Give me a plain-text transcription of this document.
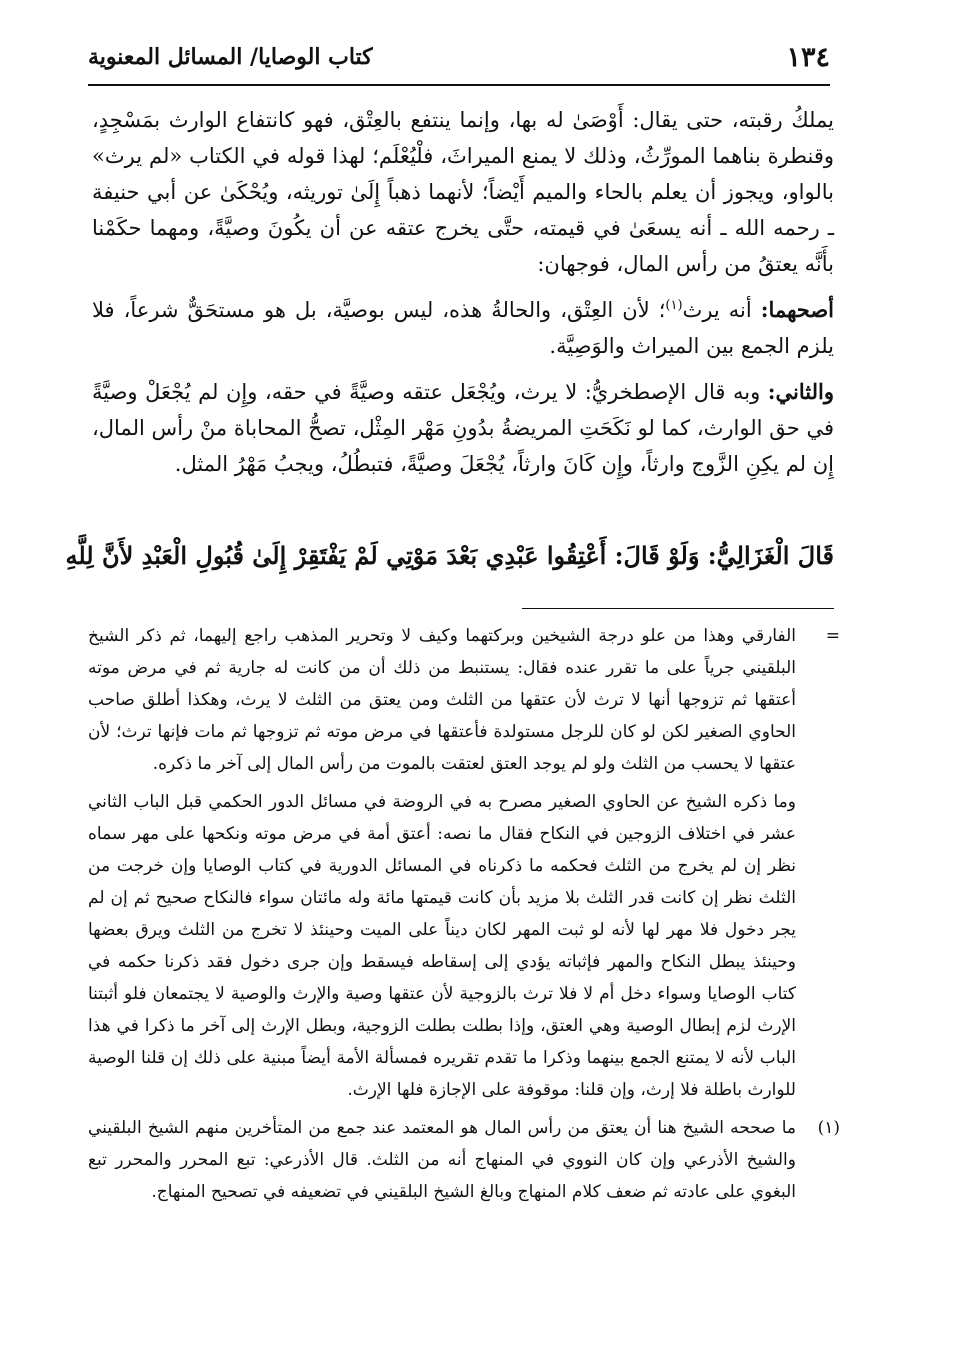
١٣٤
كتاب الوصايا/ المسائل المعنوية

يملكُ رقبته، حتى يقال: أَوْصَىٰ له بها، وإنما ينتفع بالعِتْق، فهو كانتفاع الوارث بمَسْجِدٍ، وقنطرة بناهما المورِّثُ، وذلك لا يمنع الميراثَ، فلْيُعْلَم؛ لهذا قوله في الكتاب «لم يرث» بالواو، ويجوز أن يعلم بالحاء والميم أَيْضاً؛ لأنهما ذهباً إِلَىٰ توريثه، ويُحْكَىٰ عن أبي حنيفة ـ رحمه الله ـ أنه يسعَىٰ في قيمته، حتَّى يخرج عتقه عن أن يكُونَ وصيَّةً، ومهما حكَمْنا بأَنَّه يعتقُ من رأس المال، فوجهان:

أصحهما: أنه يرث$^{(١)}$؛ لأن العِتْق، والحالةُ هذه، ليس بوصيَّة، بل هو مستحَقٌّ شرعاً، فلا يلزم الجمع بين الميراث والوَصِيَّة.

والثاني: وبه قال الإصطخريُّ: لا يرث، ويُجْعَل عتقه وصيَّةً في حقه، وإِن لم يُجْعَلْ وصيَّةً في حق الوارث، كما لو نَكَحَتِ المريضةُ بدُونِ مَهْر المِثْل، تصحُّ المحاباة منْ رأس المال، إِن لم يكِنِ الزَّوج وارثاً، وإِن كَانَ وارثاً، يُجْعَلَ وصيَّةً، فتبطُلُ، ويجبُ مَهْرُ المثل.

قَالَ الْغَزَالِيُّ: وَلَوْ قَالَ: أَعْتِقُوا عَبْدِي بَعْدَ مَوْتِي لَمْ يَفْتَقِرْ إِلَىٰ قُبُولِ الْعَبْدِ لأَنَّ لِلَّهِ
=

الفارقي وهذا من علو درجة الشيخين وبركتهما وكيف لا وتحرير المذهب راجع إليهما، ثم ذكر الشيخ البلقيني جرياً على ما تقرر عنده فقال: يستنبط من ذلك أن من كانت له جارية ثم في مرض موته أعتقها ثم تزوجها أنها لا ترث لأن عتقها من الثلث ومن يعتق من الثلث لا يرث، وهكذا أطلق صاحب الحاوي الصغير لكن لو كان للرجل مستولدة فأعتقها في مرض موته ثم تزوجها ثم مات فإنها ترث؛ لأن عتقها لا يحسب من الثلث ولو لم يوجد العتق لعتقت بالموت من رأس المال إلى آخر ما ذكره.

وما ذكره الشيخ عن الحاوي الصغير مصرح به في الروضة في مسائل الدور الحكمي قبل الباب الثاني عشر في اختلاف الزوجين في النكاح فقال ما نصه: أعتق أمة في مرض موته ونكحها على مهر سماه نظر إن لم يخرج من الثلث فحكمه ما ذكرناه في المسائل الدورية في كتاب الوصايا وإن خرجت من الثلث نظر إن كانت قدر الثلث بلا مزيد بأن كانت قيمتها مائة وله مائتان سواء فالنكاح صحيح ثم إن لم يجر دخول فلا مهر لها لأنه لو ثبت المهر لكان ديناً على الميت وحينئذ لا تخرج من الثلث ويرق بعضها وحينئذ يبطل النكاح والمهر فإثباته يؤدي إلى إسقاطه فيسقط وإن جرى دخول فقد ذكرنا حكمه في كتاب الوصايا وسواء دخل أم لا فلا ترث بالزوجية لأن عتقها وصية والإرث والوصية لا يجتمعان فلو أثبتنا الإرث لزم إبطال الوصية وهي العتق، وإذا بطلت بطلت الزوجية، وبطل الإرث إلى آخر ما ذكرا في هذا الباب لأنه لا يمتنع الجمع بينهما وذكرا ما تقدم تقريره فمسألة الأمة أيضاً مبنية على ذلك إن قلنا الوصية للوارث باطلة فلا إرث، وإن قلنا: موقوفة على الإجازة فلها الإرث.

(١)

ما صححه الشيخ هنا أن يعتق من رأس المال هو المعتمد عند جمع من المتأخرين منهم الشيخ البلقيني والشيخ الأذرعي وإن كان النووي في المنهاج أنه من الثلث. قال الأذرعي: تبع المحرر والمحرر تبع البغوي على عادته ثم ضعف كلام المنهاج وبالغ الشيخ البلقيني في تضعيفه في تصحيح المنهاج.
